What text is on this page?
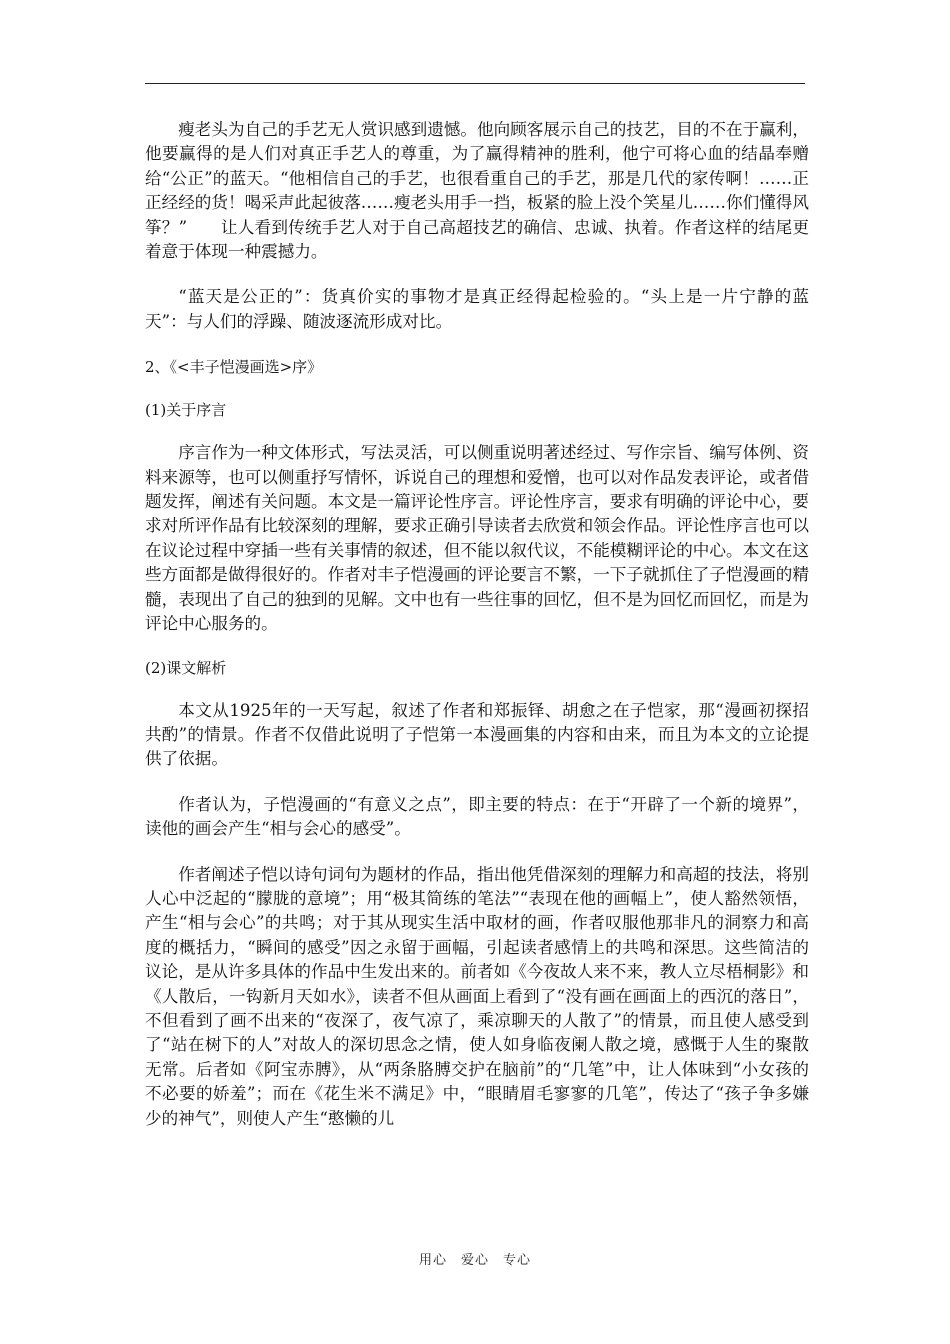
瘦老头为自己的手艺无人赏识感到遗憾。他向顾客展示自己的技艺，目的不在于赢利，他要赢得的是人们对真正手艺人的尊重，为了赢得精神的胜利，他宁可将心血的结晶奉赠给“公正”的蓝天。“他相信自己的手艺，也很看重自己的手艺，那是几代的家传啊！……正正经经的货！喝采声此起彼落……瘦老头用手一挡，板紧的脸上没个笑星儿……你们懂得风筝？”　　让人看到传统手艺人对于自己高超技艺的确信、忠诚、执着。作者这样的结尾更着意于体现一种震撼力。

“蓝天是公正的”：货真价实的事物才是真正经得起检验的。“头上是一片宁静的蓝天”：与人们的浮躁、随波逐流形成对比。

2、《<丰子恺漫画选>序》

(1)关于序言

序言作为一种文体形式，写法灵活，可以侧重说明著述经过、写作宗旨、编写体例、资料来源等，也可以侧重抒写情怀，诉说自己的理想和爱憎，也可以对作品发表评论，或者借题发挥，阐述有关问题。本文是一篇评论性序言。评论性序言，要求有明确的评论中心，要求对所评作品有比较深刻的理解，要求正确引导读者去欣赏和领会作品。评论性序言也可以在议论过程中穿插一些有关事情的叙述，但不能以叙代议，不能模糊评论的中心。本文在这些方面都是做得很好的。作者对丰子恺漫画的评论要言不繁，一下子就抓住了子恺漫画的精髓，表现出了自己的独到的见解。文中也有一些往事的回忆，但不是为回忆而回忆，而是为评论中心服务的。

(2)课文解析

本文从1925年的一天写起，叙述了作者和郑振铎、胡愈之在子恺家，那“漫画初探招共酌”的情景。作者不仅借此说明了子恺第一本漫画集的内容和由来，而且为本文的立论提供了依据。

作者认为，子恺漫画的“有意义之点”，即主要的特点：在于“开辟了一个新的境界”，读他的画会产生“相与会心的感受”。

作者阐述子恺以诗句词句为题材的作品，指出他凭借深刻的理解力和高超的技法，将别人心中泛起的“朦胧的意境”；用“极其简练的笔法”“表现在他的画幅上”，使人豁然领悟，产生“相与会心”的共鸣；对于其从现实生活中取材的画，作者叹服他那非凡的洞察力和高度的概括力，“瞬间的感受”因之永留于画幅，引起读者感情上的共鸣和深思。这些简洁的议论，是从许多具体的作品中生发出来的。前者如《今夜故人来不来，教人立尽梧桐影》和《人散后，一钩新月天如水》，读者不但从画面上看到了“没有画在画面上的西沉的落日”，不但看到了画不出来的“夜深了，夜气凉了，乘凉聊天的人散了”的情景，而且使人感受到了“站在树下的人”对故人的深切思念之情，使人如身临夜阑人散之境，感慨于人生的聚散无常。后者如《阿宝赤膊》，从“两条胳膊交护在脑前”的“几笔”中，让人体味到“小女孩的不必要的娇羞”；而在《花生米不满足》中，“眼睛眉毛寥寥的几笔”，传达了“孩子争多嫌少的神气”，则使人产生“憨懒的儿

用心　爱心　专心
